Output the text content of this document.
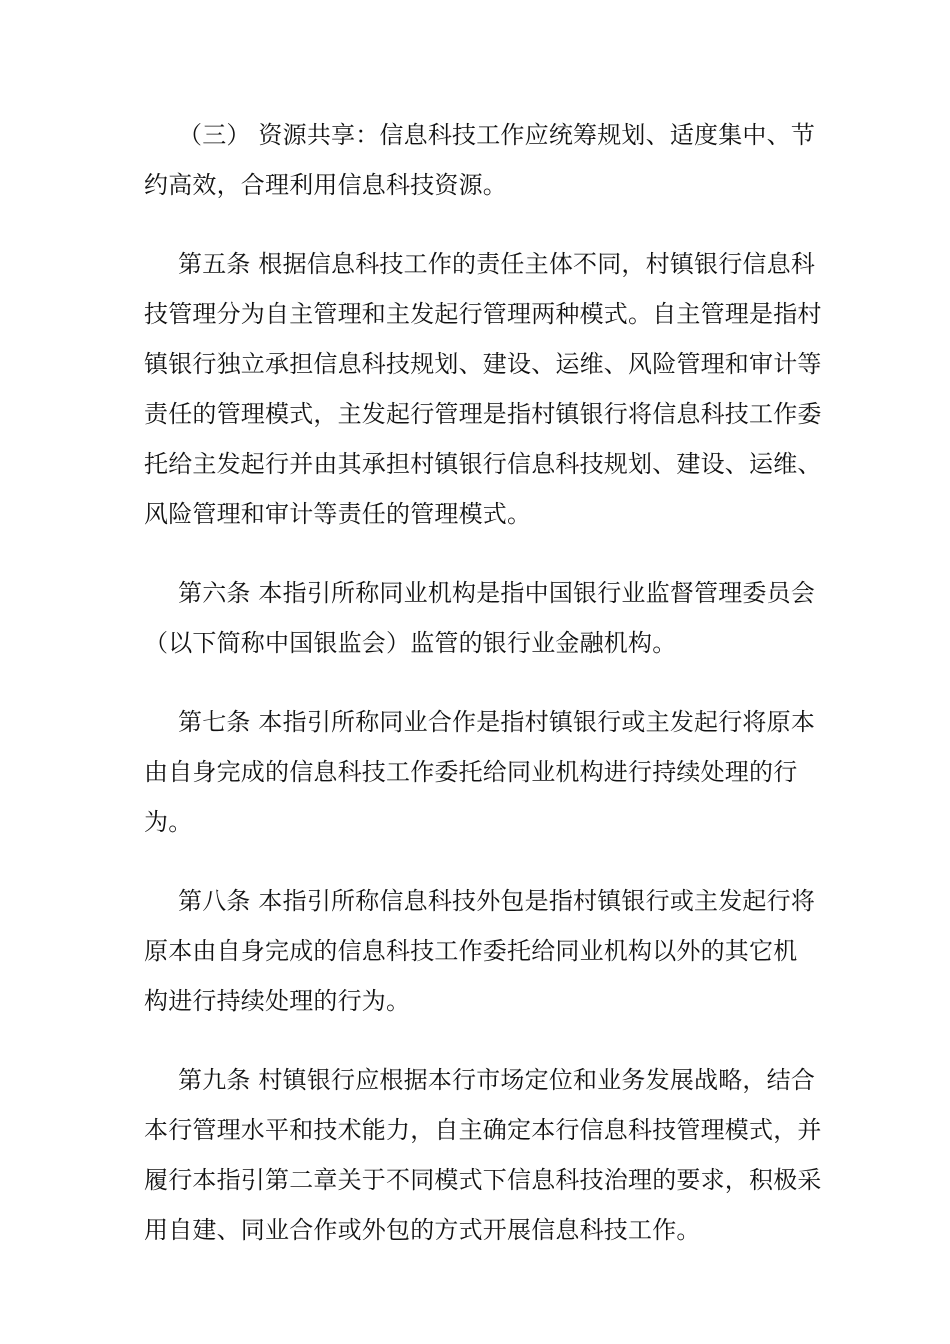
（三） 资源共享：信息科技工作应统筹规划、适度集中、节
约高效，合理利用信息科技资源。

第五条 根据信息科技工作的责任主体不同，村镇银行信息科
技管理分为自主管理和主发起行管理两种模式。自主管理是指村
镇银行独立承担信息科技规划、建设、运维、风险管理和审计等
责任的管理模式，主发起行管理是指村镇银行将信息科技工作委
托给主发起行并由其承担村镇银行信息科技规划、建设、运维、
风险管理和审计等责任的管理模式。

第六条 本指引所称同业机构是指中国银行业监督管理委员会
（以下简称中国银监会）监管的银行业金融机构。

第七条 本指引所称同业合作是指村镇银行或主发起行将原本
由自身完成的信息科技工作委托给同业机构进行持续处理的行
为。

第八条 本指引所称信息科技外包是指村镇银行或主发起行将
原本由自身完成的信息科技工作委托给同业机构以外的其它机
构进行持续处理的行为。

第九条 村镇银行应根据本行市场定位和业务发展战略，结合
本行管理水平和技术能力，自主确定本行信息科技管理模式，并
履行本指引第二章关于不同模式下信息科技治理的要求，积极采
用自建、同业合作或外包的方式开展信息科技工作。
